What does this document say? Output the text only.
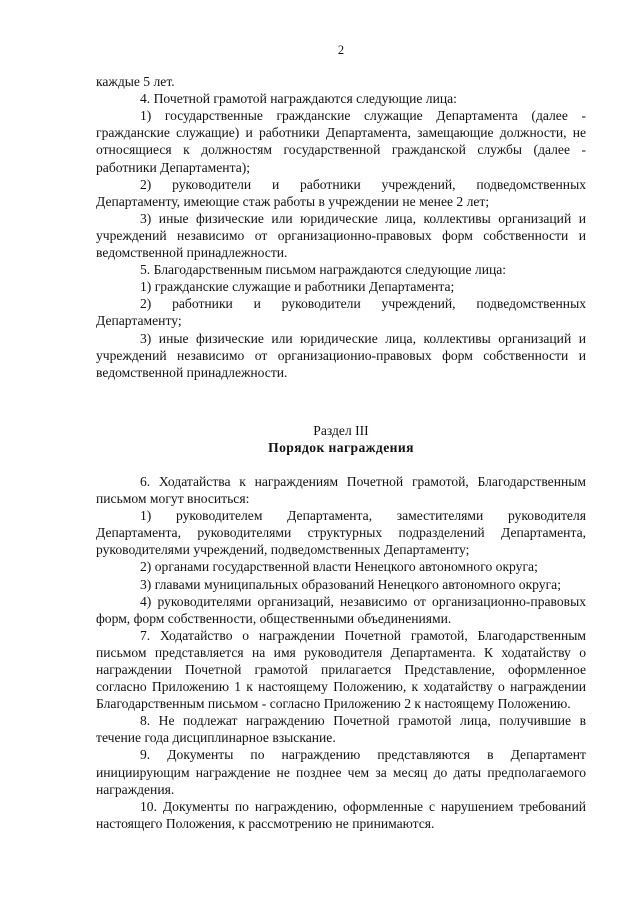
2

каждые 5 лет.

4. Почетной грамотой награждаются следующие лица:

1) государственные гражданские служащие Департамента (далее - гражданские служащие) и работники Департамента, замещающие должности, не относящиеся к должностям государственной гражданской службы (далее - работники Департамента);

2) руководители и работники учреждений, подведомственных Департаменту, имеющие стаж работы в учреждении не менее 2 лет;

3) иные физические или юридические лица, коллективы организаций и учреждений независимо от организационно-правовых форм собственности и ведомственной принадлежности.

5. Благодарственным письмом награждаются следующие лица:

1) гражданские служащие и работники Департамента;

2) работники и руководители учреждений, подведомственных Департаменту;

3) иные физические или юридические лица, коллективы организаций и учреждений независимо от организационио-правовых форм собственности и ведомственной принадлежности.

Раздел III

Порядок награждения

6. Ходатайства к награждениям Почетной грамотой, Благодарственным письмом могут вноситься:

1) руководителем Департамента, заместителями руководителя Департамента, руководителями структурных подразделений Департамента, руководителями учреждений, подведомственных Департаменту;

2) органами государственной власти Ненецкого автономного округа;

3) главами муниципальных образований Ненецкого автономного округа;

4) руководителями организаций, независимо от организационно-правовых форм, форм собственности, общественными объединениями.

7. Ходатайство о награждении Почетной грамотой, Благодарственным письмом представляется на имя руководителя Департамента. К ходатайству о награждении Почетной грамотой прилагается Представление, оформленное согласно Приложению 1 к настоящему Положению, к ходатайству о награждении Благодарственным письмом - согласно Приложению 2 к настоящему Положению.

8. Не подлежат награждению Почетной грамотой лица, получившие в течение года дисциплинарное взыскание.

9. Документы по награждению представляются в Департамент инициирующим награждение не позднее чем за месяц до даты предполагаемого награждения.

10. Документы по награждению, оформленные с нарушением требований настоящего Положения, к рассмотрению не принимаются.
